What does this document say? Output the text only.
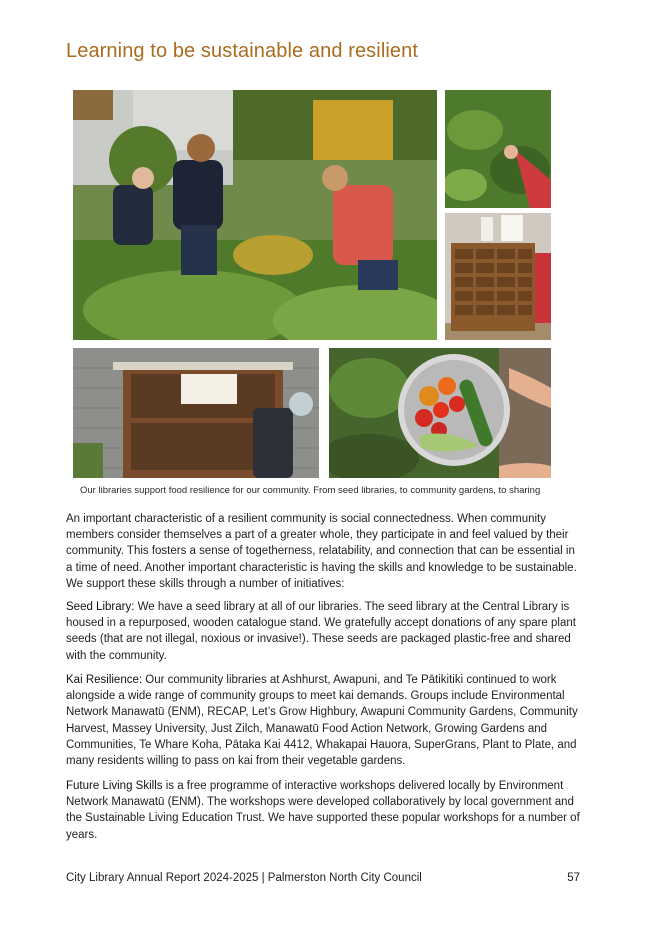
Learning to be sustainable and resilient
Our libraries support food resilience for our community. From seed libraries, to community gardens, to sharing

An important characteristic of a resilient community is social connectedness. When community members consider themselves a part of a greater whole, they participate in and feel valued by their community. This fosters a sense of togetherness, relatability, and connection that can be essential in a time of need. Another important characteristic is having the skills and knowledge to be sustainable. We support these skills through a number of initiatives:

Seed Library: We have a seed library at all of our libraries. The seed library at the Central Library is housed in a repurposed, wooden catalogue stand. We gratefully accept donations of any spare plant seeds (that are not illegal, noxious or invasive!). These seeds are packaged plastic-free and shared with the community.

Kai Resilience: Our community libraries at Ashhurst, Awapuni, and Te Pātikitiki continued to work alongside a wide range of community groups to meet kai demands. Groups include Environmental Network Manawatū (ENM), RECAP, Let’s Grow Highbury, Awapuni Community Gardens, Community Harvest, Massey University, Just Zilch, Manawatū Food Action Network, Growing Gardens and Communities, Te Whare Koha, Pātaka Kai 4412, Whakapai Hauora, SuperGrans, Plant to Plate, and many residents willing to pass on kai from their vegetable gardens.

Future Living Skills is a free programme of interactive workshops delivered locally by Environment Network Manawatū (ENM). The workshops were developed collaboratively by local government and the Sustainable Living Education Trust. We have supported these popular workshops for a number of years.

City Library Annual Report 2024-2025 | Palmerston North City Council	57
